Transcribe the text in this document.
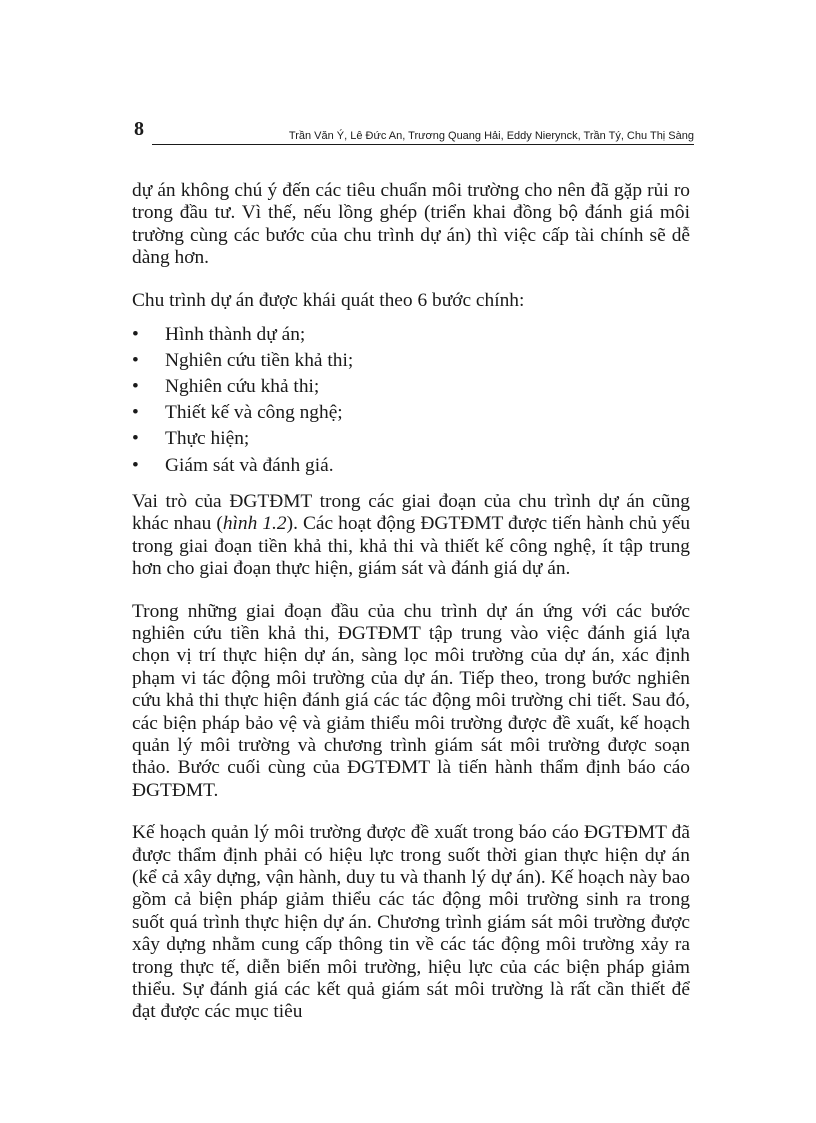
8	Trần Văn Ý, Lê Đức An, Trương Quang Hải, Eddy Nierynck, Trần Tý, Chu Thị Sàng

dự án không chú ý đến các tiêu chuẩn môi trường cho nên đã gặp rủi ro trong đầu tư. Vì thế, nếu lồng ghép (triển khai đồng bộ đánh giá môi trường cùng các bước của chu trình dự án) thì việc cấp tài chính sẽ dễ dàng hơn.

Chu trình dự án được khái quát theo 6 bước chính:

• Hình thành dự án;
• Nghiên cứu tiền khả thi;
• Nghiên cứu khả thi;
• Thiết kế và công nghệ;
• Thực hiện;
• Giám sát và đánh giá.

Vai trò của ĐGTĐMT trong các giai đoạn của chu trình dự án cũng khác nhau (hình 1.2). Các hoạt động ĐGTĐMT được tiến hành chủ yếu trong giai đoạn tiền khả thi, khả thi và thiết kế công nghệ, ít tập trung hơn cho giai đoạn thực hiện, giám sát và đánh giá dự án.

Trong những giai đoạn đầu của chu trình dự án ứng với các bước nghiên cứu tiền khả thi, ĐGTĐMT tập trung vào việc đánh giá lựa chọn vị trí thực hiện dự án, sàng lọc môi trường của dự án, xác định phạm vi tác động môi trường của dự án. Tiếp theo, trong bước nghiên cứu khả thi thực hiện đánh giá các tác động môi trường chi tiết. Sau đó, các biện pháp bảo vệ và giảm thiểu môi trường được đề xuất, kế hoạch quản lý môi trường và chương trình giám sát môi trường được soạn thảo. Bước cuối cùng của ĐGTĐMT là tiến hành thẩm định báo cáo ĐGTĐMT.

Kế hoạch quản lý môi trường được đề xuất trong báo cáo ĐGTĐMT đã được thẩm định phải có hiệu lực trong suốt thời gian thực hiện dự án (kể cả xây dựng, vận hành, duy tu và thanh lý dự án). Kế hoạch này bao gồm cả biện pháp giảm thiểu các tác động môi trường sinh ra trong suốt quá trình thực hiện dự án. Chương trình giám sát môi trường được xây dựng nhằm cung cấp thông tin về các tác động môi trường xảy ra trong thực tế, diễn biến môi trường, hiệu lực của các biện pháp giảm thiểu. Sự đánh giá các kết quả giám sát môi trường là rất cần thiết để đạt được các mục tiêu
